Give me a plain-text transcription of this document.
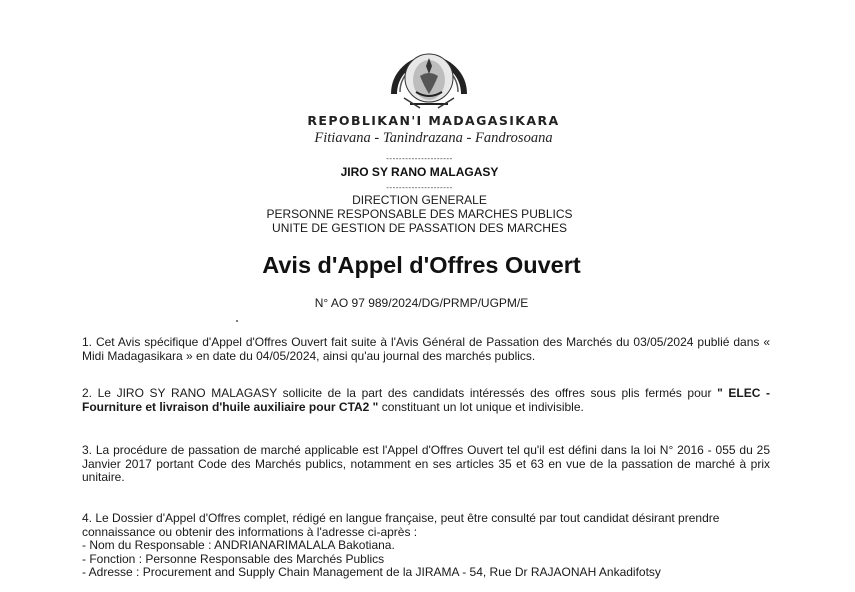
REPOBLIKAN'I MADAGASIKARA
Fitiavana - Tanindrazana - Fandrosoana
---------------------
JIRO SY RANO MALAGASY
---------------------
DIRECTION GENERALE
PERSONNE RESPONSABLE DES MARCHES PUBLICS
UNITE DE GESTION DE PASSATION DES MARCHES
Avis d'Appel d'Offres Ouvert
N° AO 97 989/2024/DG/PRMP/UGPM/E
1. Cet Avis spécifique d'Appel d'Offres Ouvert fait suite à l'Avis Général de Passation des Marchés du 03/05/2024 publié dans « Midi Madagasikara » en date du 04/05/2024, ainsi qu'au journal des marchés publics.
2. Le JIRO SY RANO MALAGASY sollicite de la part des candidats intéressés des offres sous plis fermés pour " ELEC - Fourniture et livraison d'huile auxiliaire pour CTA2 " constituant un lot unique et indivisible.
3. La procédure de passation de marché applicable est l'Appel d'Offres Ouvert tel qu'il est défini dans la loi N° 2016 - 055 du 25 Janvier 2017 portant Code des Marchés publics, notamment en ses articles 35 et 63 en vue de la passation de marché à prix unitaire.
4. Le Dossier d'Appel d'Offres complet, rédigé en langue française, peut être consulté par tout candidat désirant prendre connaissance ou obtenir des informations à l'adresse ci-après :
- Nom du Responsable : ANDRIANARIMALALA Bakotiana.
- Fonction : Personne Responsable des Marchés Publics
- Adresse : Procurement and Supply Chain Management de la JIRAMA - 54, Rue Dr RAJAONAH Ankadifotsy
